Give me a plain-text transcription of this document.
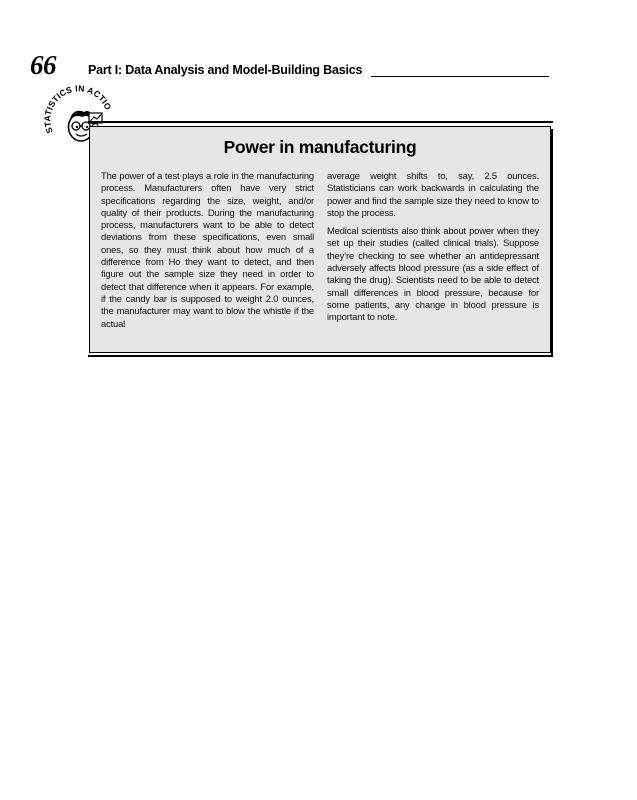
66	Part I: Data Analysis and Model-Building Basics
S ISTICS IN ACTIO
Power in manufacturing

The power of a test plays a role in the manufacturing process. Manufacturers often have very strict specifications regarding the size, weight, and/or quality of their products. During the manufacturing process, manufacturers want to be able to detect deviations from these specifications, even small ones, so they must think about how much of a difference from Ho they want to detect, and then figure out the sample size they need in order to detect that difference when it appears. For example, if the candy bar is supposed to weight 2.0 ounces, the manufacturer may want to blow the whistle if the actual

average weight shifts to, say, 2.5 ounces. Statisticians can work backwards in calculating the power and find the sample size they need to know to stop the process.

Medical scientists also think about power when they set up their studies (called clinical trials). Suppose they’re checking to see whether an antidepressant adversely affects blood pressure (as a side effect of taking the drug). Scientists need to be able to detect small differences in blood pressure, because for some patients, any change in blood pressure is important to note.
